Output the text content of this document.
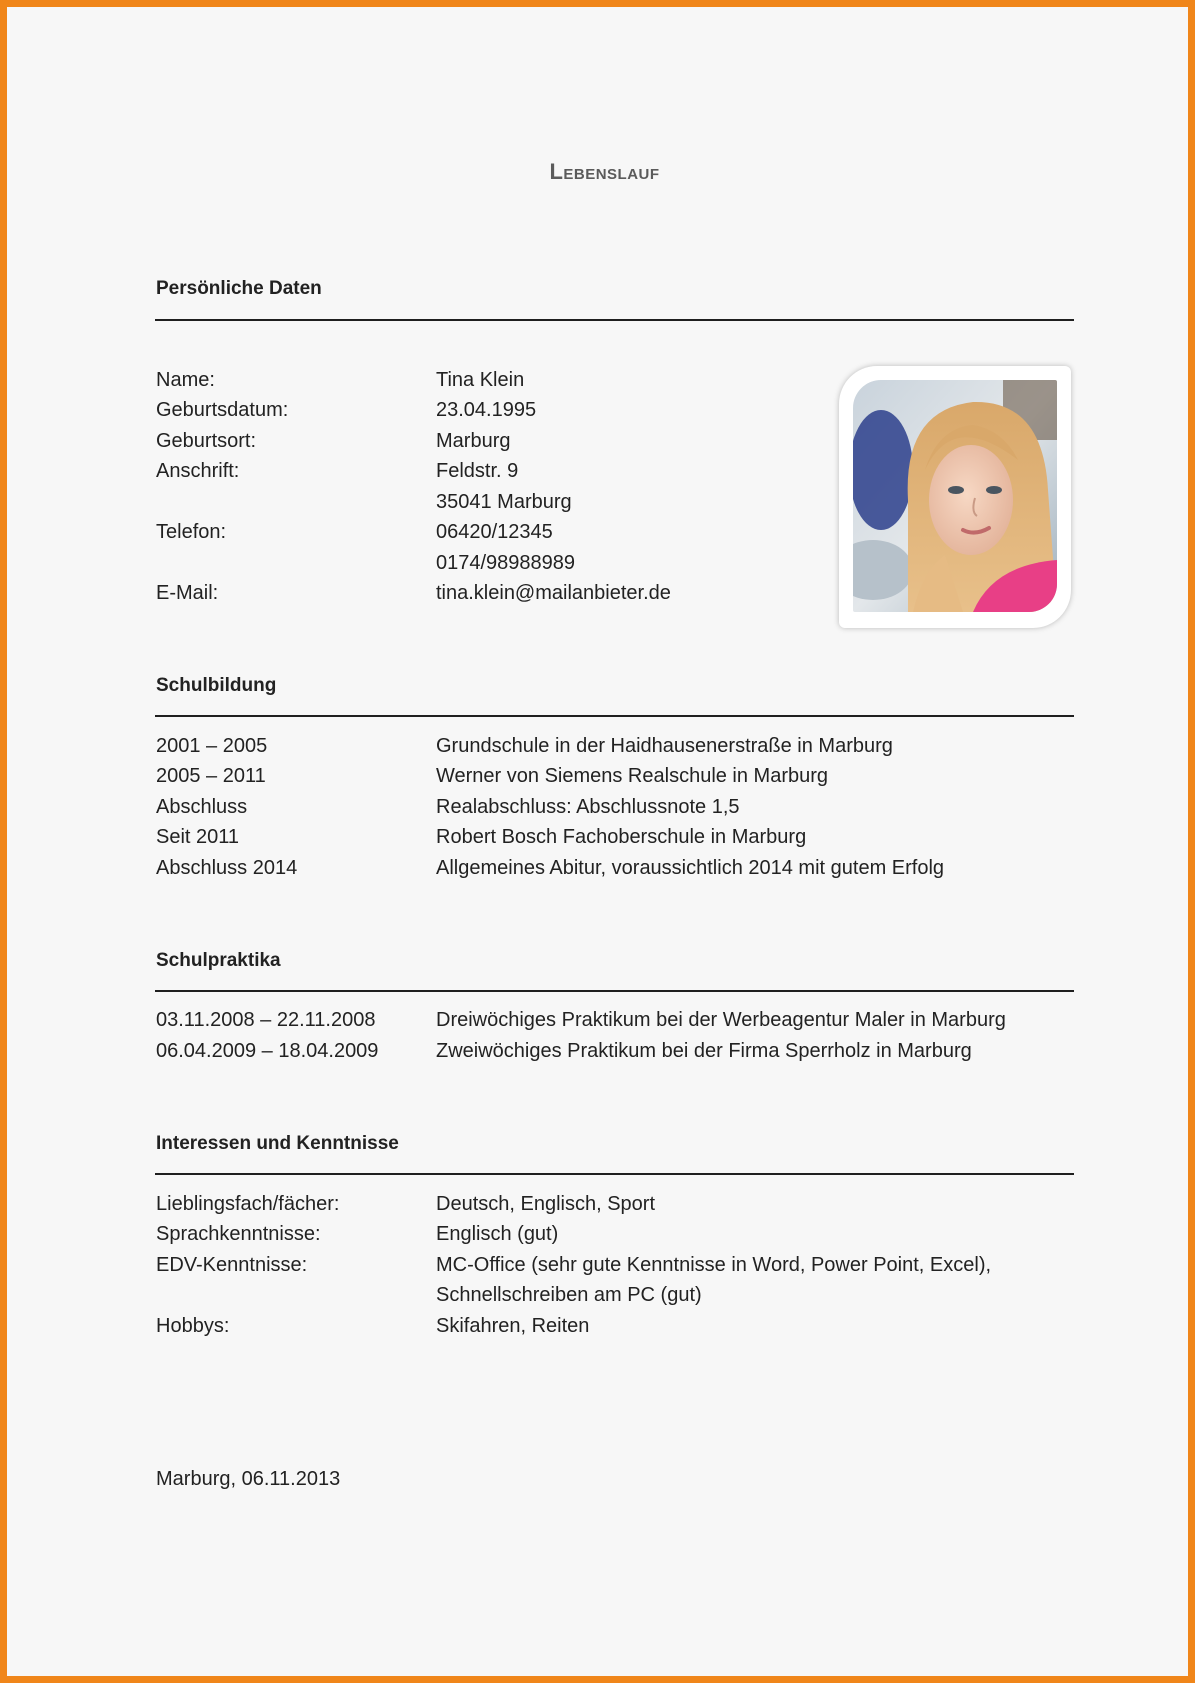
Lebenslauf
Persönliche Daten
Name:	Tina Klein
Geburtsdatum:	23.04.1995
Geburtsort:	Marburg
Anschrift:	Feldstr. 9
35041 Marburg
Telefon:	06420/12345
0174/98988989
E-Mail:	tina.klein@mailanbieter.de
Schulbildung
2001 – 2005	Grundschule in der Haidhausenerstraße in Marburg
2005 – 2011	Werner von Siemens Realschule in Marburg
Abschluss	Realabschluss: Abschlussnote 1,5
Seit 2011	Robert Bosch Fachoberschule in Marburg
Abschluss 2014	Allgemeines Abitur, voraussichtlich 2014 mit gutem Erfolg
Schulpraktika
03.11.2008 – 22.11.2008	Dreiwöchiges Praktikum bei der Werbeagentur Maler in Marburg
06.04.2009 – 18.04.2009	Zweiwöchiges Praktikum bei der Firma Sperrholz in Marburg
Interessen und Kenntnisse
Lieblingsfach/fächer:	Deutsch, Englisch, Sport
Sprachkenntnisse:	Englisch (gut)
EDV-Kenntnisse:	MC-Office (sehr gute Kenntnisse in Word, Power Point, Excel),
Schnellschreiben am PC (gut)
Hobbys:	Skifahren, Reiten
Marburg, 06.11.2013
